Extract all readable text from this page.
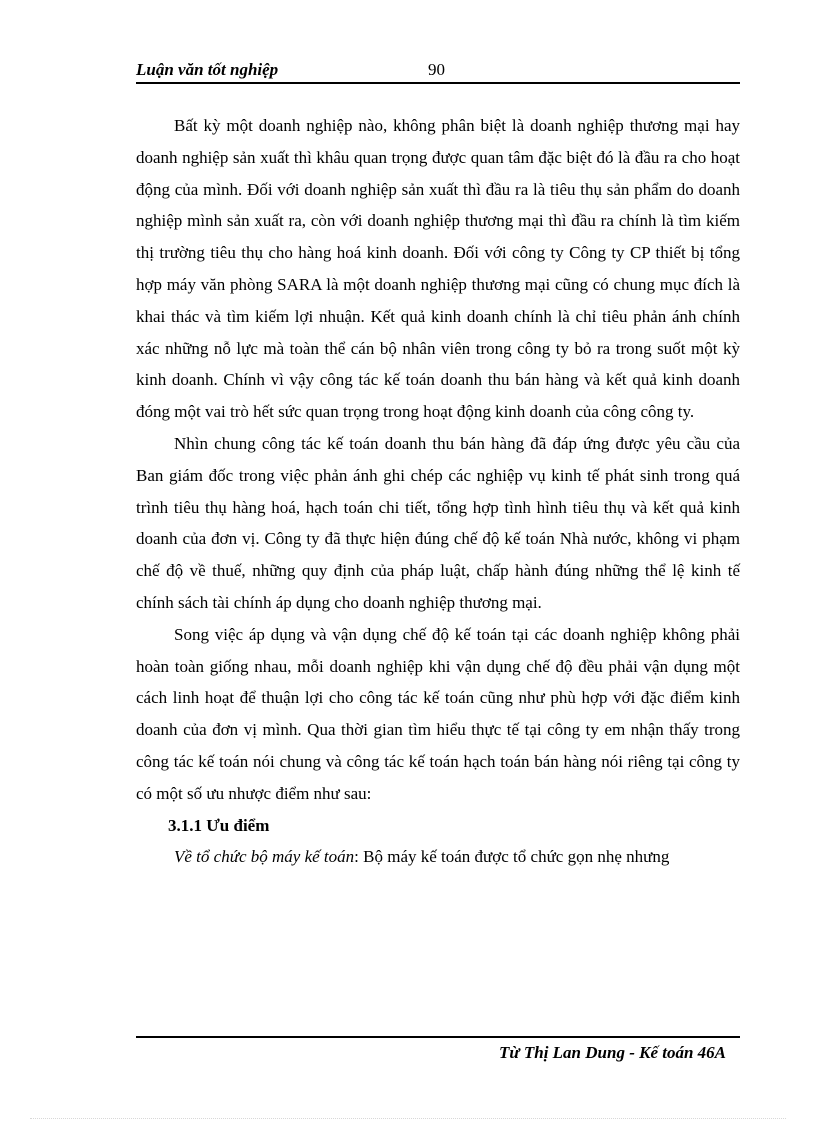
Luận văn tốt nghiệp	90

Bất kỳ một doanh nghiệp nào, không phân biệt là doanh nghiệp thương mại hay doanh nghiệp sản xuất thì khâu quan trọng được quan tâm đặc biệt đó là đầu ra cho hoạt động của mình. Đối với doanh nghiệp sản xuất thì đầu ra là tiêu thụ sản phẩm do doanh nghiệp mình sản xuất ra, còn với doanh nghiệp thương mại thì đầu ra chính là tìm kiếm thị trường tiêu thụ cho hàng hoá kinh doanh. Đối với công ty Công ty CP thiết bị tổng hợp máy văn phòng SARA là một doanh nghiệp thương mại cũng có chung mục đích là khai thác và tìm kiếm lợi nhuận. Kết quả kinh doanh chính là chỉ tiêu phản ánh chính xác những nỗ lực mà toàn thể cán bộ nhân viên trong công ty bỏ ra trong suốt một kỳ kinh doanh. Chính vì vậy công tác kế toán doanh thu bán hàng và kết quả kinh doanh đóng một vai trò hết sức quan trọng trong hoạt động kinh doanh của công công ty.

Nhìn chung công tác kế toán doanh thu bán hàng đã đáp ứng được yêu cầu của Ban giám đốc trong việc phản ánh ghi chép các nghiệp vụ kinh tế phát sinh trong quá trình tiêu thụ hàng hoá, hạch toán chi tiết, tổng hợp tình hình tiêu thụ và kết quả kinh doanh của đơn vị. Công ty đã thực hiện đúng chế độ kế toán Nhà nước, không vi phạm chế độ về thuế, những quy định của pháp luật, chấp hành đúng những thể lệ kinh tế chính sách tài chính áp dụng cho doanh nghiệp thương mại.

Song việc áp dụng và vận dụng chế độ kế toán tại các doanh nghiệp không phải hoàn toàn giống nhau, mỗi doanh nghiệp khi vận dụng chế độ đều phải vận dụng một cách linh hoạt để thuận lợi cho công tác kế toán cũng như phù hợp với đặc điểm kinh doanh của đơn vị mình. Qua thời gian tìm hiểu thực tế tại công ty em nhận thấy trong công tác kế toán nói chung và công tác kế toán hạch toán bán hàng nói riêng tại công ty có một số ưu nhược điểm như sau:

3.1.1 Ưu điểm

Về tổ chức bộ máy kế toán: Bộ máy kế toán được tổ chức gọn nhẹ nhưng

Từ Thị Lan Dung - Kế toán 46A
